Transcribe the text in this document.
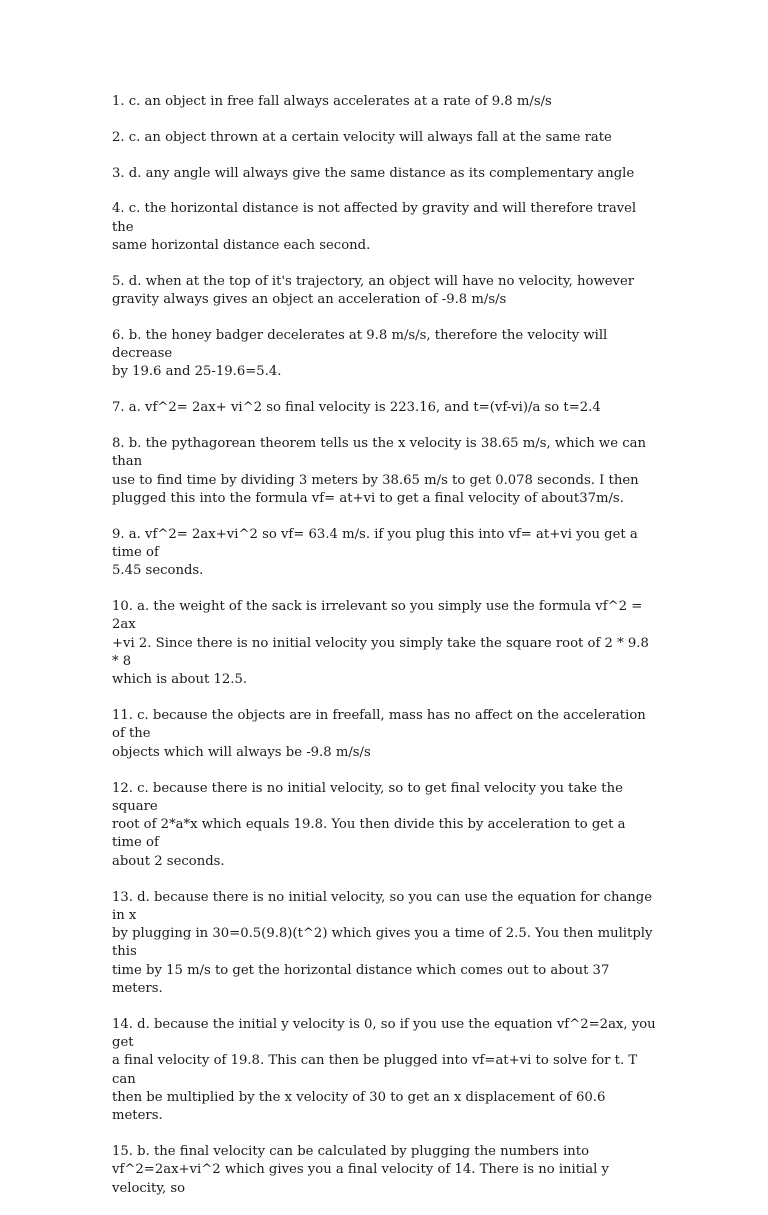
1. c. an object in free fall always accelerates at a rate of 9.8 m/s/s

2. c. an object thrown at a certain velocity will always fall at the same rate

3. d. any angle will always give the same distance as its complementary angle

4. c. the horizontal distance is not affected by gravity and will therefore travel the
same horizontal distance each second.

5. d. when at the top of it's trajectory, an object will have no velocity, however
gravity always gives an object an acceleration of -9.8 m/s/s

6. b. the honey badger decelerates at 9.8 m/s/s, therefore the velocity will decrease
by 19.6 and 25-19.6=5.4.

7. a. vf^2= 2ax+ vi^2 so final velocity is 223.16, and t=(vf-vi)/a so t=2.4

8. b. the pythagorean theorem tells us the x velocity is 38.65 m/s, which we can than
use to find time by dividing 3 meters by 38.65 m/s to get 0.078 seconds. I then
plugged this into the formula vf= at+vi to get a final velocity of about37m/s.

9. a. vf^2= 2ax+vi^2 so vf= 63.4 m/s. if you plug this into vf= at+vi you get a time of
5.45 seconds.

10. a. the weight of the sack is irrelevant so you simply use the formula vf^2 = 2ax
+vi 2. Since there is no initial velocity you simply take the square root of 2 * 9.8 * 8
which is about 12.5.

11. c. because the objects are in freefall, mass has no affect on the acceleration of the
objects which will always be -9.8 m/s/s

12. c. because there is no initial velocity, so to get final velocity you take the square
root of 2*a*x which equals 19.8. You then divide this by acceleration to get a time of
about 2 seconds.

13. d. because there is no initial velocity, so you can use the equation for change in x
by plugging in 30=0.5(9.8)(t^2) which gives you a time of 2.5. You then mulitply this
time by 15 m/s to get the horizontal distance which comes out to about 37 meters.

14. d. because the initial y velocity is 0, so if you use the equation vf^2=2ax, you get
a final velocity of 19.8. This can then be plugged into vf=at+vi to solve for t. T can
then be multiplied by the x velocity of 30 to get an x displacement of 60.6 meters.

15. b. the final velocity can be calculated by plugging the numbers into
vf^2=2ax+vi^2 which gives you a final velocity of 14. There is no initial y velocity, so
